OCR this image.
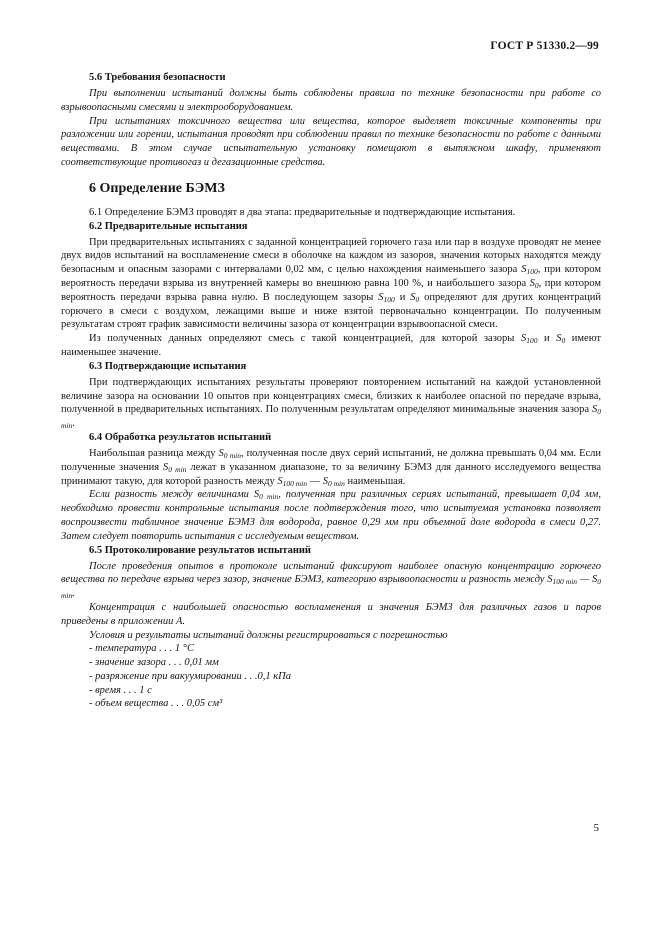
ГОСТ Р 51330.2—99
5.6 Требования безопасности

При выполнении испытаний должны быть соблюдены правила по технике безопасности при работе со взрывоопасными смесями и электрооборудованием.

При испытаниях токсичного вещества или вещества, которое выделяет токсичные компоненты при разложении или горении, испытания проводят при соблюдении правил по технике безопасности по работе с данными веществами. В этом случае испытательную установку помещают в вытяжном шкафу, применяют соответствующие противогаз и дегазационные средства.

6 Определение БЭМЗ

6.1 Определение БЭМЗ проводят в два этапа: предварительные и подтверждающие испытания.

6.2 Предварительные испытания

При предварительных испытаниях с заданной концентрацией горючего газа или пар в воздухе проводят не менее двух видов испытаний на воспламенение смеси в оболочке на каждом из зазоров, значения которых находятся между безопасным и опасным зазорами с интервалами 0,02 мм, с целью нахождения наименьшего зазора $S_{100}$, при котором вероятность передачи взрыва из внутренней камеры во внешнюю равна 100 %, и наибольшего зазора $S_0$, при котором вероятность передачи взрыва равна нулю. В последующем зазоры $S_{100}$ и $S_0$ определяют для других концентраций горючего в смеси с воздухом, лежащими выше и ниже взятой первоначально концентрации. По полученным результатам строят график зависимости величины зазора от концентрации взрывоопасной смеси.

Из полученных данных определяют смесь с такой концентрацией, для которой зазоры $S_{100}$ и $S_0$ имеют наименьшее значение.

6.3 Подтверждающие испытания

При подтверждающих испытаниях результаты проверяют повторением испытаний на каждой установленной величине зазора на основании 10 опытов при концентрациях смеси, близких к наиболее опасной по передаче взрыва, полученной в предварительных испытаниях. По полученным результатам определяют минимальные значения зазора $S_{0 min}$.

6.4 Обработка результатов испытаний

Наибольшая разница между $S_{0 min}$, полученная после двух серий испытаний, не должна превышать 0,04 мм. Если полученные значения $S_{0 min}$ лежат в указанном диапазоне, то за величину БЭМЗ для данного исследуемого вещества принимают такую, для которой разность между $S_{100 min}$ — $S_{0 min}$ наименьшая.

Если разность между величинами $S_{0 min}$, полученная при различных сериях испытаний, превышает 0,04 мм, необходимо провести контрольные испытания после подтверждения того, что испытуемая установка позволяет воспроизвести табличное значение БЭМЗ для водорода, равное 0,29 мм при объемной доле водорода в смеси 0,27. Затем следует повторить испытания с исследуемым веществом.

6.5 Протоколирование результатов испытаний

После проведения опытов в протоколе испытаний фиксируют наиболее опасную концентрацию горючего вещества по передаче взрыва через зазор, значение БЭМЗ, категорию взрывоопасности и разность между $S_{100 min}$ — $S_{0 min}$.

Концентрация с наибольшей опасностью воспламенения и значения БЭМЗ для различных газов и паров приведены в приложении А.

Условия и результаты испытаний должны регистрироваться с погрешностью

- температура . . . 1 °С
- значение зазора . . . 0,01 мм
- разряжение при вакуумировании . . .0,1 кПа
- время . . . 1 с
- объем вещества . . . 0,05 см³
5
